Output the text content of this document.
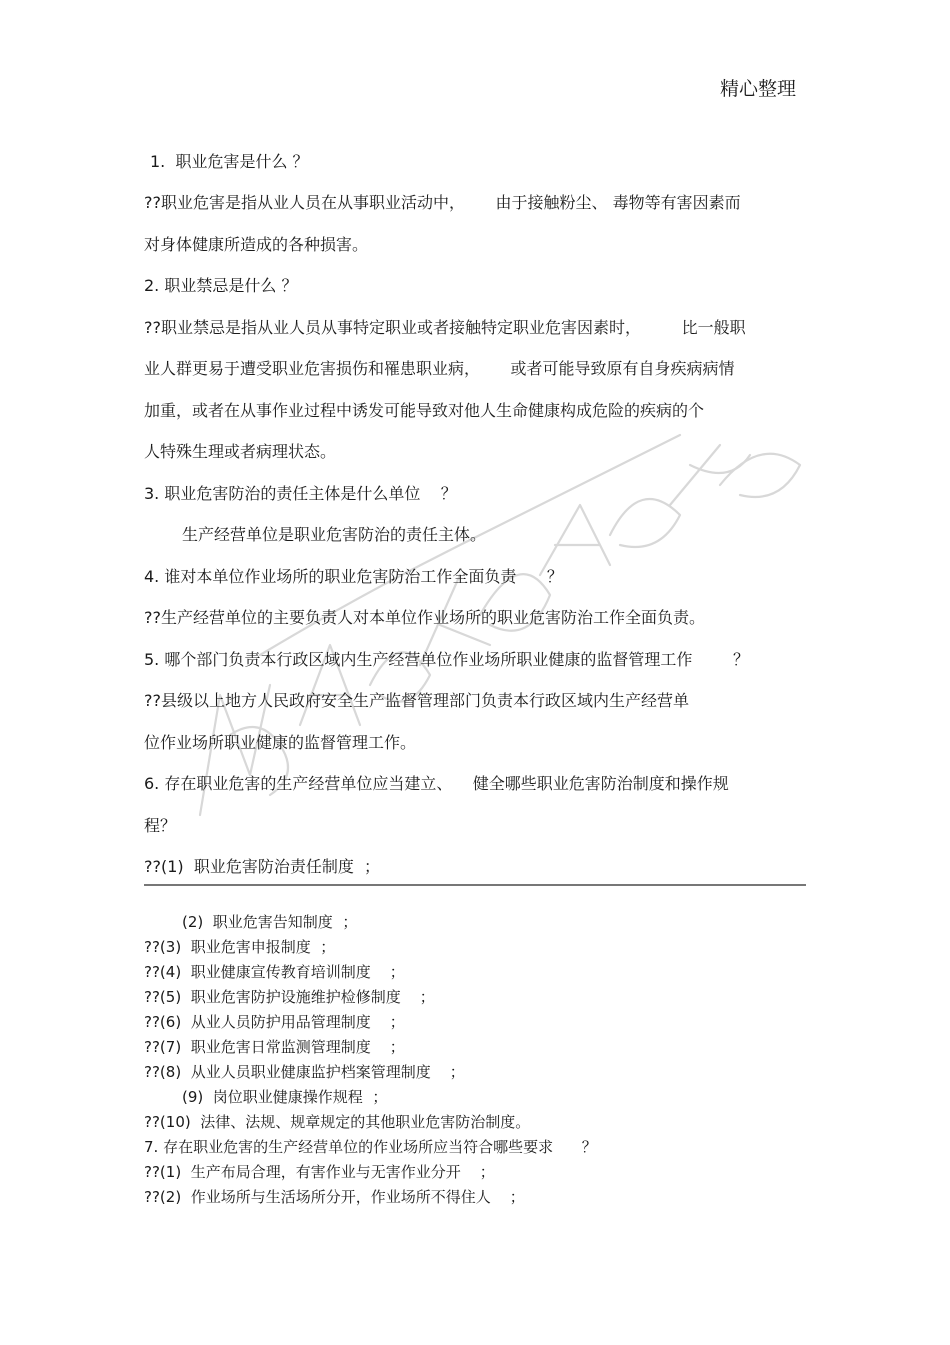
精心整理
1.  职业危害是什么 ？
??职业危害是指从业人员在从事职业活动中，      由于接触粉尘、 毒物等有害因素而
对身体健康所造成的各种损害。
2. 职业禁忌是什么 ？
??职业禁忌是指从业人员从事特定职业或者接触特定职业危害因素时，        比一般职
业人群更易于遭受职业危害损伤和罹患职业病，      或者可能导致原有自身疾病病情
加重，或者在从事作业过程中诱发可能导致对他人生命健康构成危险的疾病的个
人特殊生理或者病理状态。
3. 职业危害防治的责任主体是什么单位    ？
生产经营单位是职业危害防治的责任主体。
4. 谁对本单位作业场所的职业危害防治工作全面负责      ？
??生产经营单位的主要负责人对本单位作业场所的职业危害防治工作全面负责。
5. 哪个部门负责本行政区域内生产经营单位作业场所职业健康的监督管理工作        ？
??县级以上地方人民政府安全生产监督管理部门负责本行政区域内生产经营单
位作业场所职业健康的监督管理工作。
6. 存在职业危害的生产经营单位应当建立、    健全哪些职业危害防治制度和操作规
程？
??(1)  职业危害防治责任制度  ；
(2)  职业危害告知制度  ；
??(3)  职业危害申报制度  ；
??(4)  职业健康宣传教育培训制度    ；
??(5)  职业危害防护设施维护检修制度    ；
??(6)  从业人员防护用品管理制度    ；
??(7)  职业危害日常监测管理制度    ；
??(8)  从业人员职业健康监护档案管理制度    ；
(9)  岗位职业健康操作规程  ；
??(10)  法律、法规、规章规定的其他职业危害防治制度。
7. 存在职业危害的生产经营单位的作业场所应当符合哪些要求      ？
??(1)  生产布局合理，有害作业与无害作业分开    ；
??(2)  作业场所与生活场所分开，作业场所不得住人    ；
